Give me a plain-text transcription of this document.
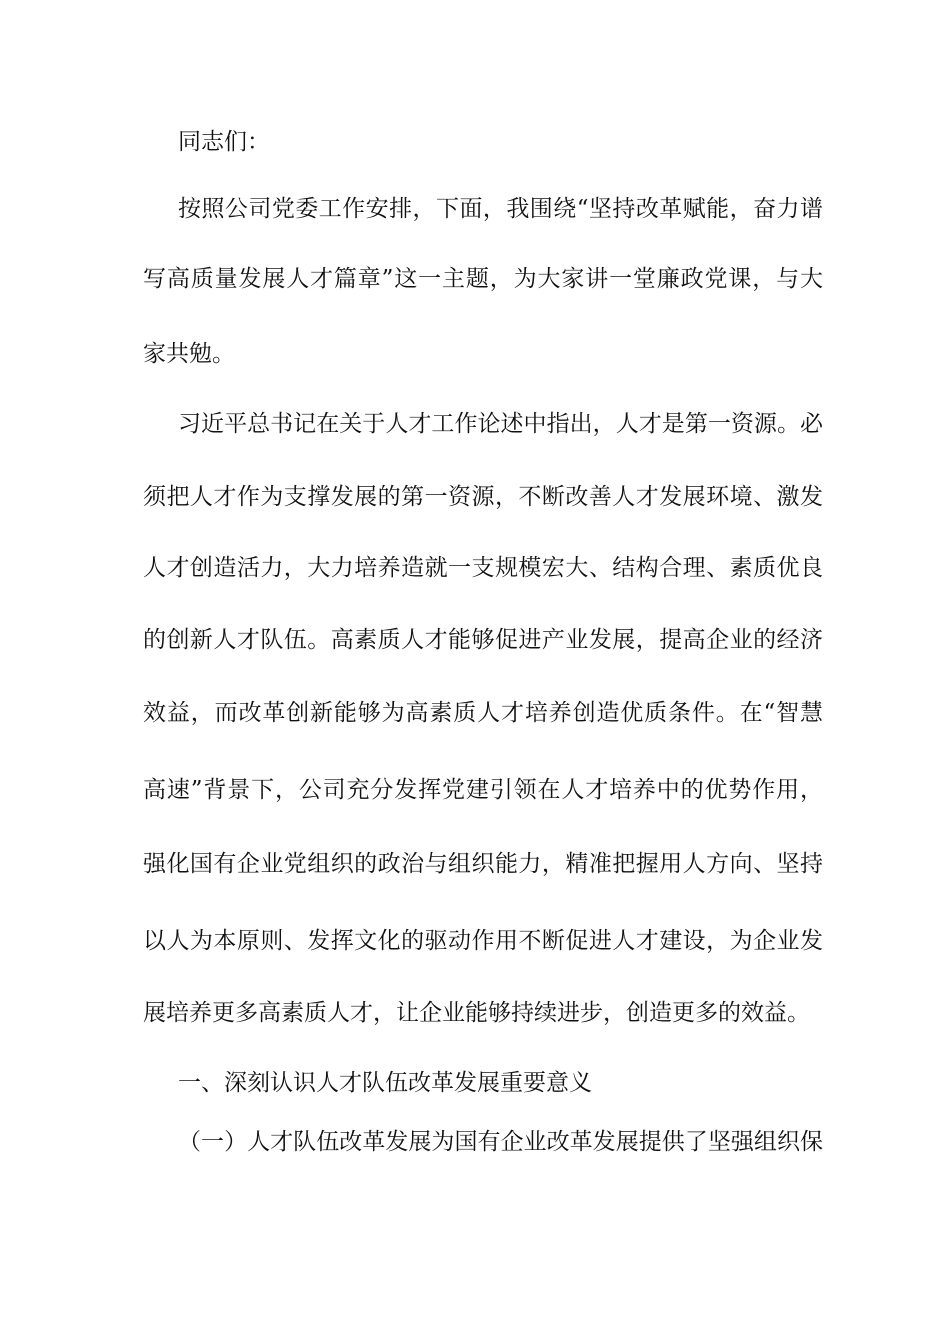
同志们：
按照公司党委工作安排，下面，我围绕“坚持改革赋能，奋力谱
写高质量发展人才篇章”这一主题，为大家讲一堂廉政党课，与大
家共勉。
习近平总书记在关于人才工作论述中指出，人才是第一资源。必
须把人才作为支撑发展的第一资源，不断改善人才发展环境、激发
人才创造活力，大力培养造就一支规模宏大、结构合理、素质优良
的创新人才队伍。高素质人才能够促进产业发展，提高企业的经济
效益，而改革创新能够为高素质人才培养创造优质条件。在“智慧
高速”背景下，公司充分发挥党建引领在人才培养中的优势作用，
强化国有企业党组织的政治与组织能力，精准把握用人方向、坚持
以人为本原则、发挥文化的驱动作用不断促进人才建设，为企业发
展培养更多高素质人才，让企业能够持续进步，创造更多的效益。
一、深刻认识人才队伍改革发展重要意义
（一）人才队伍改革发展为国有企业改革发展提供了坚强组织保
